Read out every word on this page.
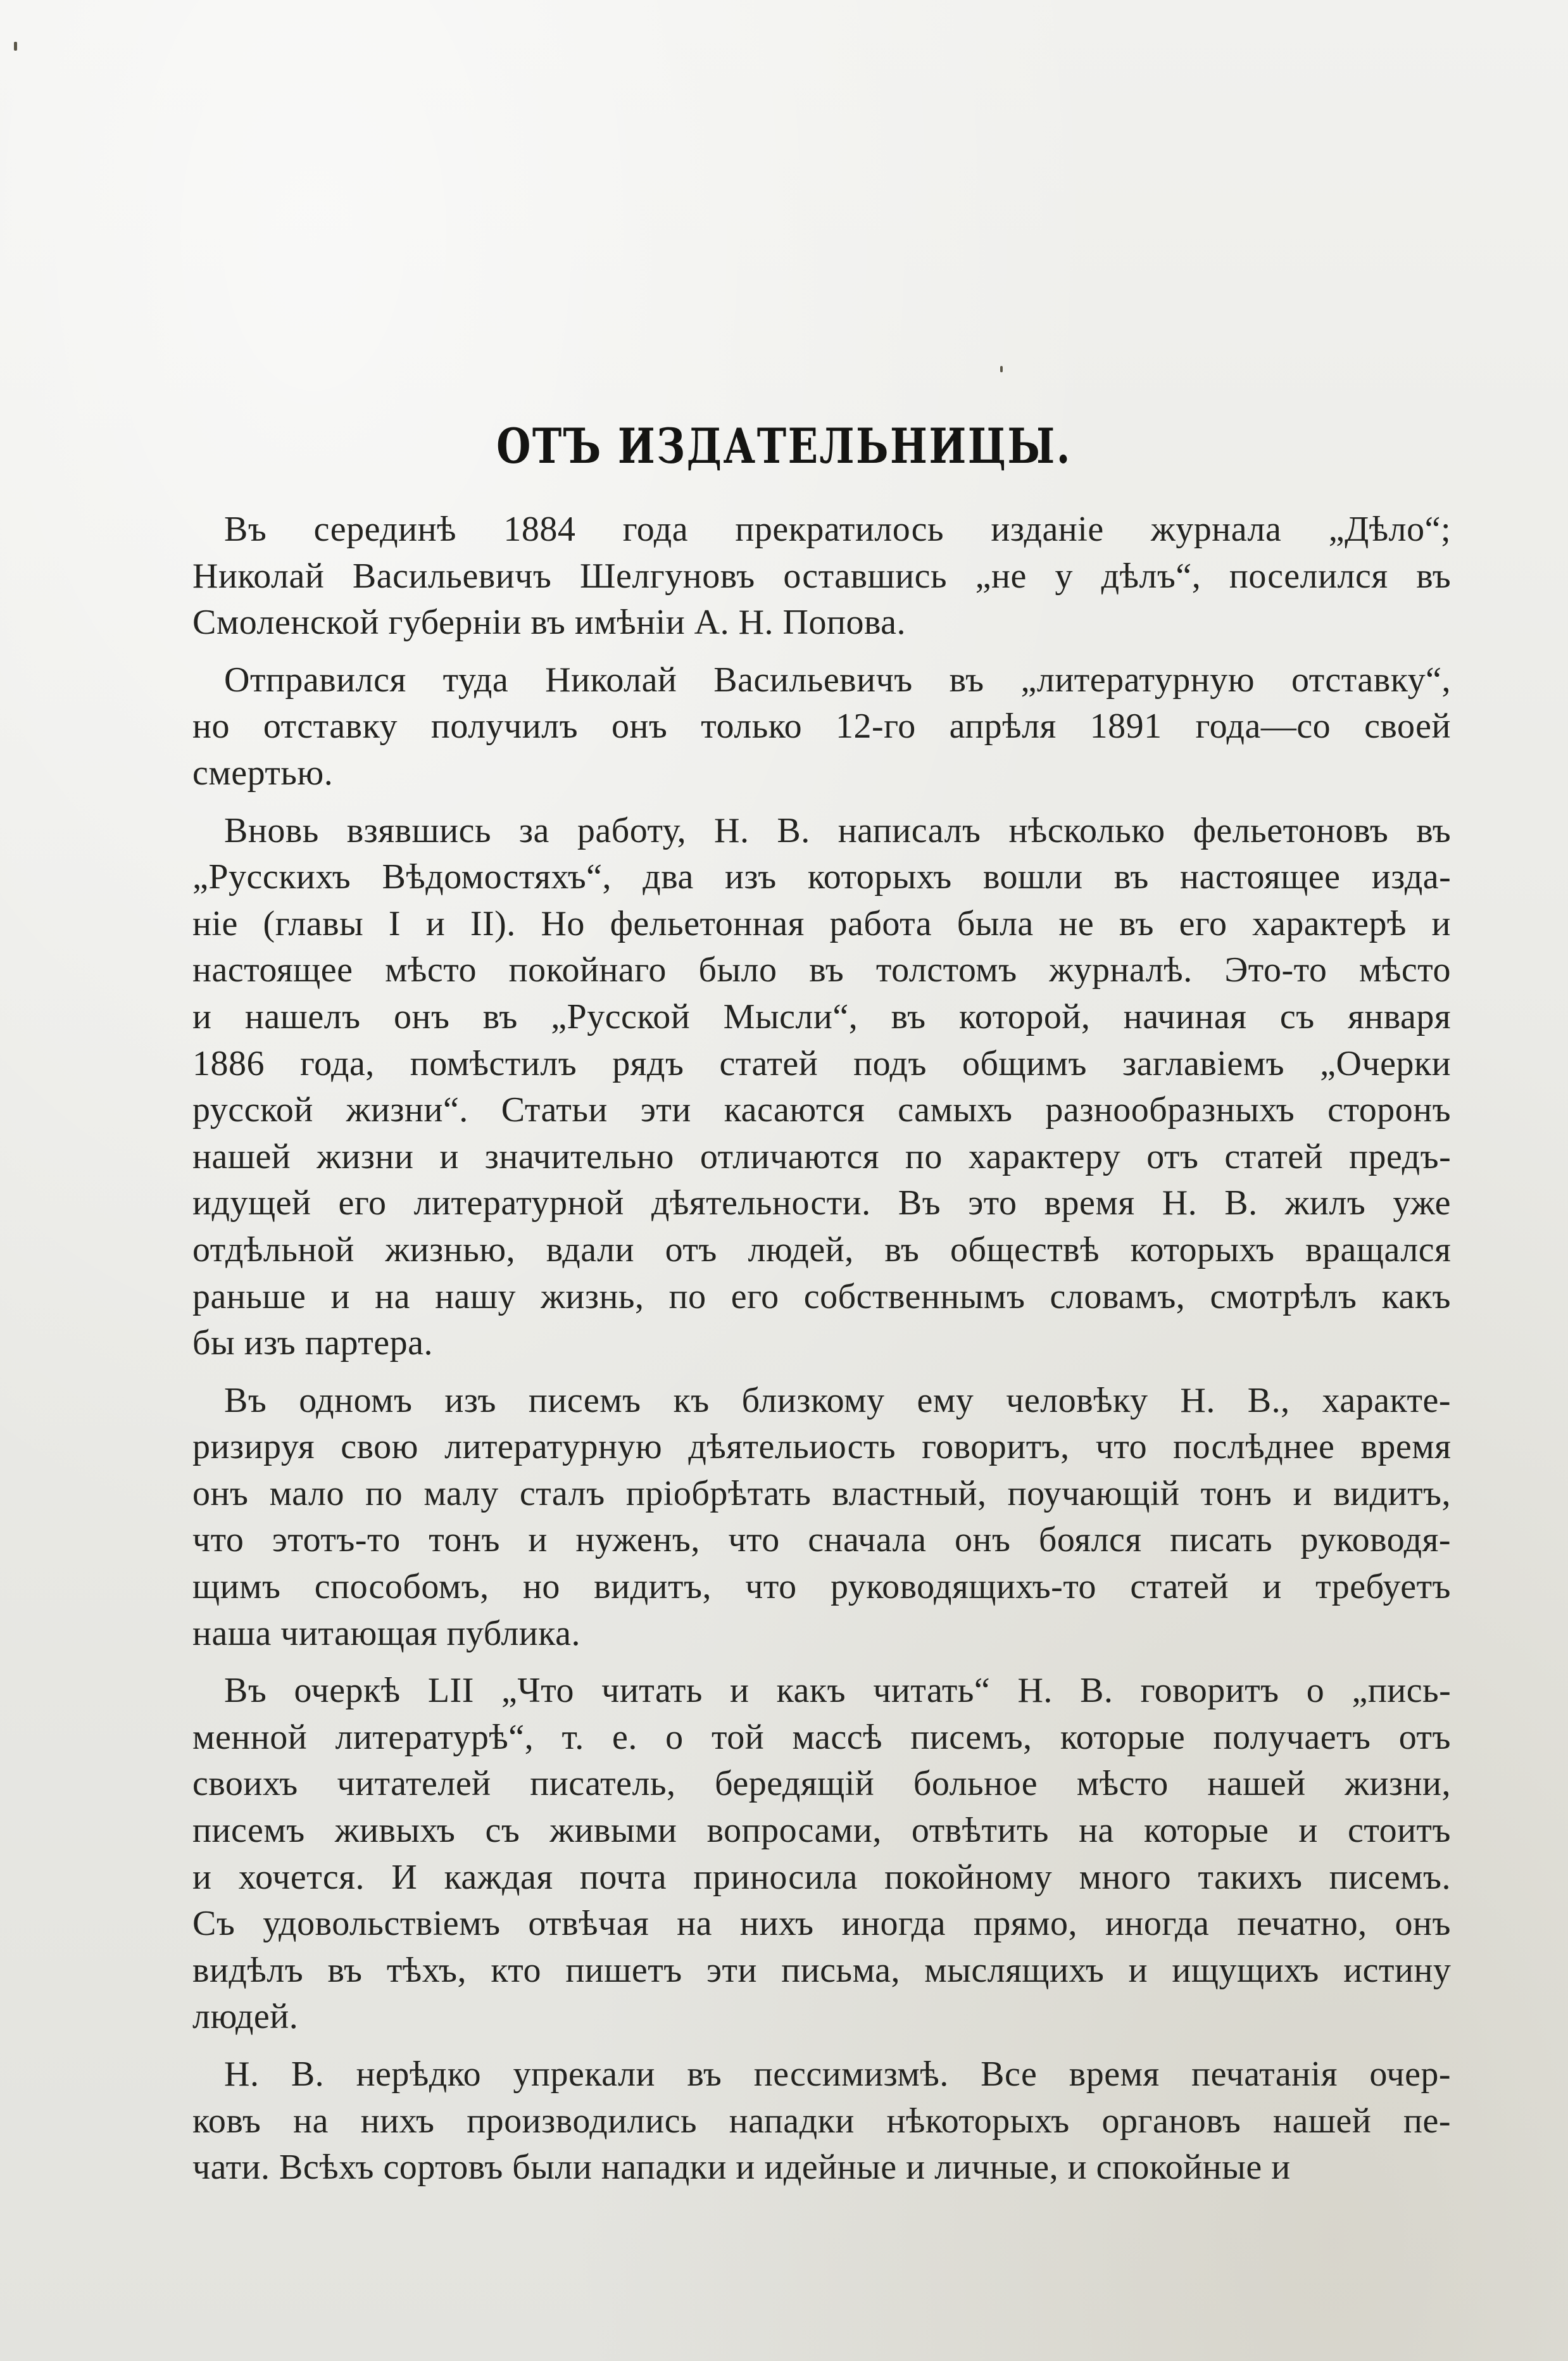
ОТЪ ИЗДАТЕЛЬНИЦЫ.
Въ серединѣ 1884 года прекратилось изданіе журнала „Дѣло“;
Николай Васильевичъ Шелгуновъ оставшись „не у дѣлъ“, поселился въ
Смоленской губерніи въ имѣніи А. Н. Попова.
Отправился туда Николай Васильевичъ въ „литературную отставку“,
но отставку получилъ онъ только 12-го апрѣля 1891 года—со своей
смертью.
Вновь взявшись за работу, Н. В. написалъ нѣсколько фельетоновъ въ
„Русскихъ Вѣдомостяхъ“, два изъ которыхъ вошли въ настоящее изда-
ніе (главы I и II). Но фельетонная работа была не въ его характерѣ и
настоящее мѣсто покойнаго было въ толстомъ журналѣ. Это-то мѣсто
и нашелъ онъ въ „Русской Мысли“, въ которой, начиная съ января
1886 года, помѣстилъ рядъ статей подъ общимъ заглавіемъ „Очерки
русской жизни“. Статьи эти касаются самыхъ разнообразныхъ сторонъ
нашей жизни и значительно отличаются по характеру отъ статей предъ-
идущей его литературной дѣятельности. Въ это время Н. В. жилъ уже
отдѣльной жизнью, вдали отъ людей, въ обществѣ которыхъ вращался
раньше и на нашу жизнь, по его собственнымъ словамъ, смотрѣлъ какъ
бы изъ партера.
Въ одномъ изъ писемъ къ близкому ему человѣку Н. В., характе-
ризируя свою литературную дѣятельиость говоритъ, что послѣднее время
онъ мало по малу сталъ пріобрѣтать властный, поучающій тонъ и видитъ,
что этотъ-то тонъ и нуженъ, что сначала онъ боялся писать руководя-
щимъ способомъ, но видитъ, что руководящихъ-то статей и требуетъ
наша читающая публика.
Въ очеркѣ LII „Что читать и какъ читать“ Н. В. говоритъ о „пись-
менной литературѣ“, т. е. о той массѣ писемъ, которые получаетъ отъ
своихъ читателей писатель, бередящій больное мѣсто нашей жизни,
писемъ живыхъ съ живыми вопросами, отвѣтить на которые и стоитъ
и хочется. И каждая почта приносила покойному много такихъ писемъ.
Съ удовольствіемъ отвѣчая на нихъ иногда прямо, иногда печатно, онъ
видѣлъ въ тѣхъ, кто пишетъ эти письма, мыслящихъ и ищущихъ истину
людей.
Н. В. нерѣдко упрекали въ пессимизмѣ. Все время печатанія очер-
ковъ на нихъ производились нападки нѣкоторыхъ органовъ нашей пе-
чати. Всѣхъ сортовъ были нападки и идейные и личные, и спокойные и
